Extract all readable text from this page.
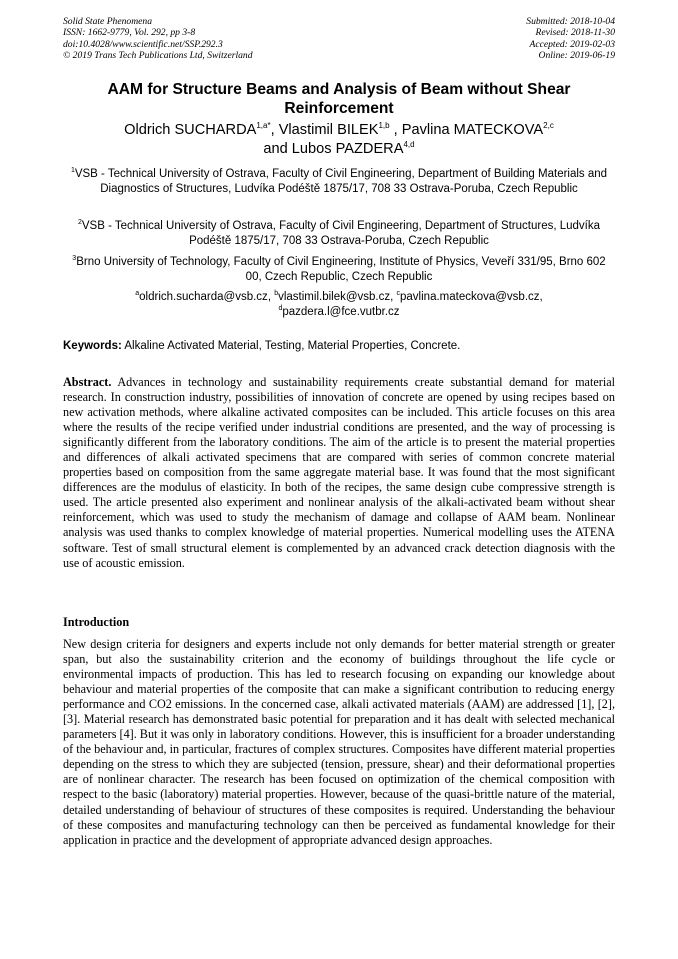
Solid State Phenomena
ISSN: 1662-9779, Vol. 292, pp 3-8
doi:10.4028/www.scientific.net/SSP.292.3
© 2019 Trans Tech Publications Ltd, Switzerland
Submitted: 2018-10-04
Revised: 2018-11-30
Accepted: 2019-02-03
Online: 2019-06-19
AAM for Structure Beams and Analysis of Beam without Shear Reinforcement
Oldrich $SUCHARDA^{1,a*}$, Vlastimil BILEK$^{1,b}$ , Pavlina MATECKOVA$^{2,c}$
and Lubos PAZDERA$^{4,d}$
$^1$VSB - Technical University of Ostrava, Faculty of Civil Engineering, Department of Building Materials and Diagnostics of Structures, Ludvíka Podéště 1875/17, 708 33 Ostrava-Poruba, Czech Republic
$^2$VSB - Technical University of Ostrava, Faculty of Civil Engineering, Department of Structures, Ludvíka Podéště 1875/17, 708 33 Ostrava-Poruba, Czech Republic
$^3$Brno University of Technology, Faculty of Civil Engineering, Institute of Physics, Veveří 331/95, Brno 602 00, Czech Republic, Czech Republic
$^a$oldrich.sucharda@vsb.cz, $^b$vlastimil.bilek@vsb.cz, $^c$pavlina.mateckova@vsb.cz,
$^d$pazdera.l@fce.vutbr.cz
Keywords: Alkaline Activated Material, Testing, Material Properties, Concrete.
Abstract. Advances in technology and sustainability requirements create substantial demand for material research. In construction industry, possibilities of innovation of concrete are opened by using recipes based on new activation methods, where alkaline activated composites can be included. This article focuses on this area where the results of the recipe verified under industrial conditions are presented, and the way of processing is significantly different from the laboratory conditions. The aim of the article is to present the material properties and differences of alkali activated specimens that are compared with series of common concrete material properties based on composition from the same aggregate material base. It was found that the most significant differences are the modulus of elasticity. In both of the recipes, the same design cube compressive strength is used. The article presented also experiment and nonlinear analysis of the alkali-activated beam without shear reinforcement, which was used to study the mechanism of damage and collapse of AAM beam. Nonlinear analysis was used thanks to complex knowledge of material properties. Numerical modelling uses the ATENA software. Test of small structural element is complemented by an advanced crack detection diagnosis with the use of acoustic emission.
Introduction
New design criteria for designers and experts include not only demands for better material strength or greater span, but also the sustainability criterion and the economy of buildings throughout the life cycle or environmental impacts of production. This has led to research focusing on expanding our knowledge about behaviour and material properties of the composite that can make a significant contribution to reducing energy performance and CO2 emissions. In the concerned case, alkali activated materials (AAM) are addressed [1], [2], [3]. Material research has demonstrated basic potential for preparation and it has dealt with selected mechanical parameters [4]. But it was only in laboratory conditions. However, this is insufficient for a broader understanding of the behaviour and, in particular, fractures of complex structures. Composites have different material properties depending on the stress to which they are subjected (tension, pressure, shear) and their deformational properties are of nonlinear character. The research has been focused on optimization of the chemical composition with respect to the basic (laboratory) material properties. However, because of the quasi-brittle nature of the material, detailed understanding of behaviour of structures of these composites is required. Understanding the behaviour of these composites and manufacturing technology can then be perceived as fundamental knowledge for their application in practice and the development of appropriate advanced design approaches.
